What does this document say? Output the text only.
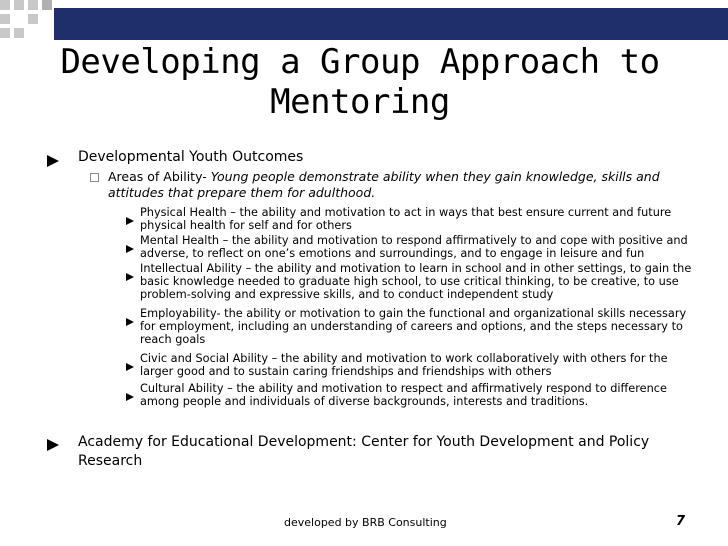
Developing a Group Approach to
Mentoring
Developmental Youth Outcomes
Areas of Ability- Young people demonstrate ability when they gain knowledge, skills and attitudes that prepare them for adulthood.
Physical Health – the ability and motivation to act in ways that best ensure current and future physical health for self and for others
Mental Health – the ability and motivation to respond affirmatively to and cope with positive and adverse, to reflect on one’s emotions and surroundings, and to engage in leisure and fun
Intellectual Ability – the ability and motivation to learn in school and in other settings, to gain the basic knowledge needed to graduate high school, to use critical thinking, to be creative, to use problem-solving and expressive skills, and to conduct independent study
Employability- the ability or motivation to gain the functional and organizational skills necessary for employment, including an understanding of careers and options, and the steps necessary to reach goals
Civic and Social Ability – the ability and motivation to work collaboratively with others for the larger good and to sustain caring friendships and friendships with others
Cultural Ability – the ability and motivation to respect and affirmatively respond to difference among people and individuals of diverse backgrounds, interests and traditions.
Academy for Educational Development: Center for Youth Development and Policy Research
developed by BRB Consulting	7
